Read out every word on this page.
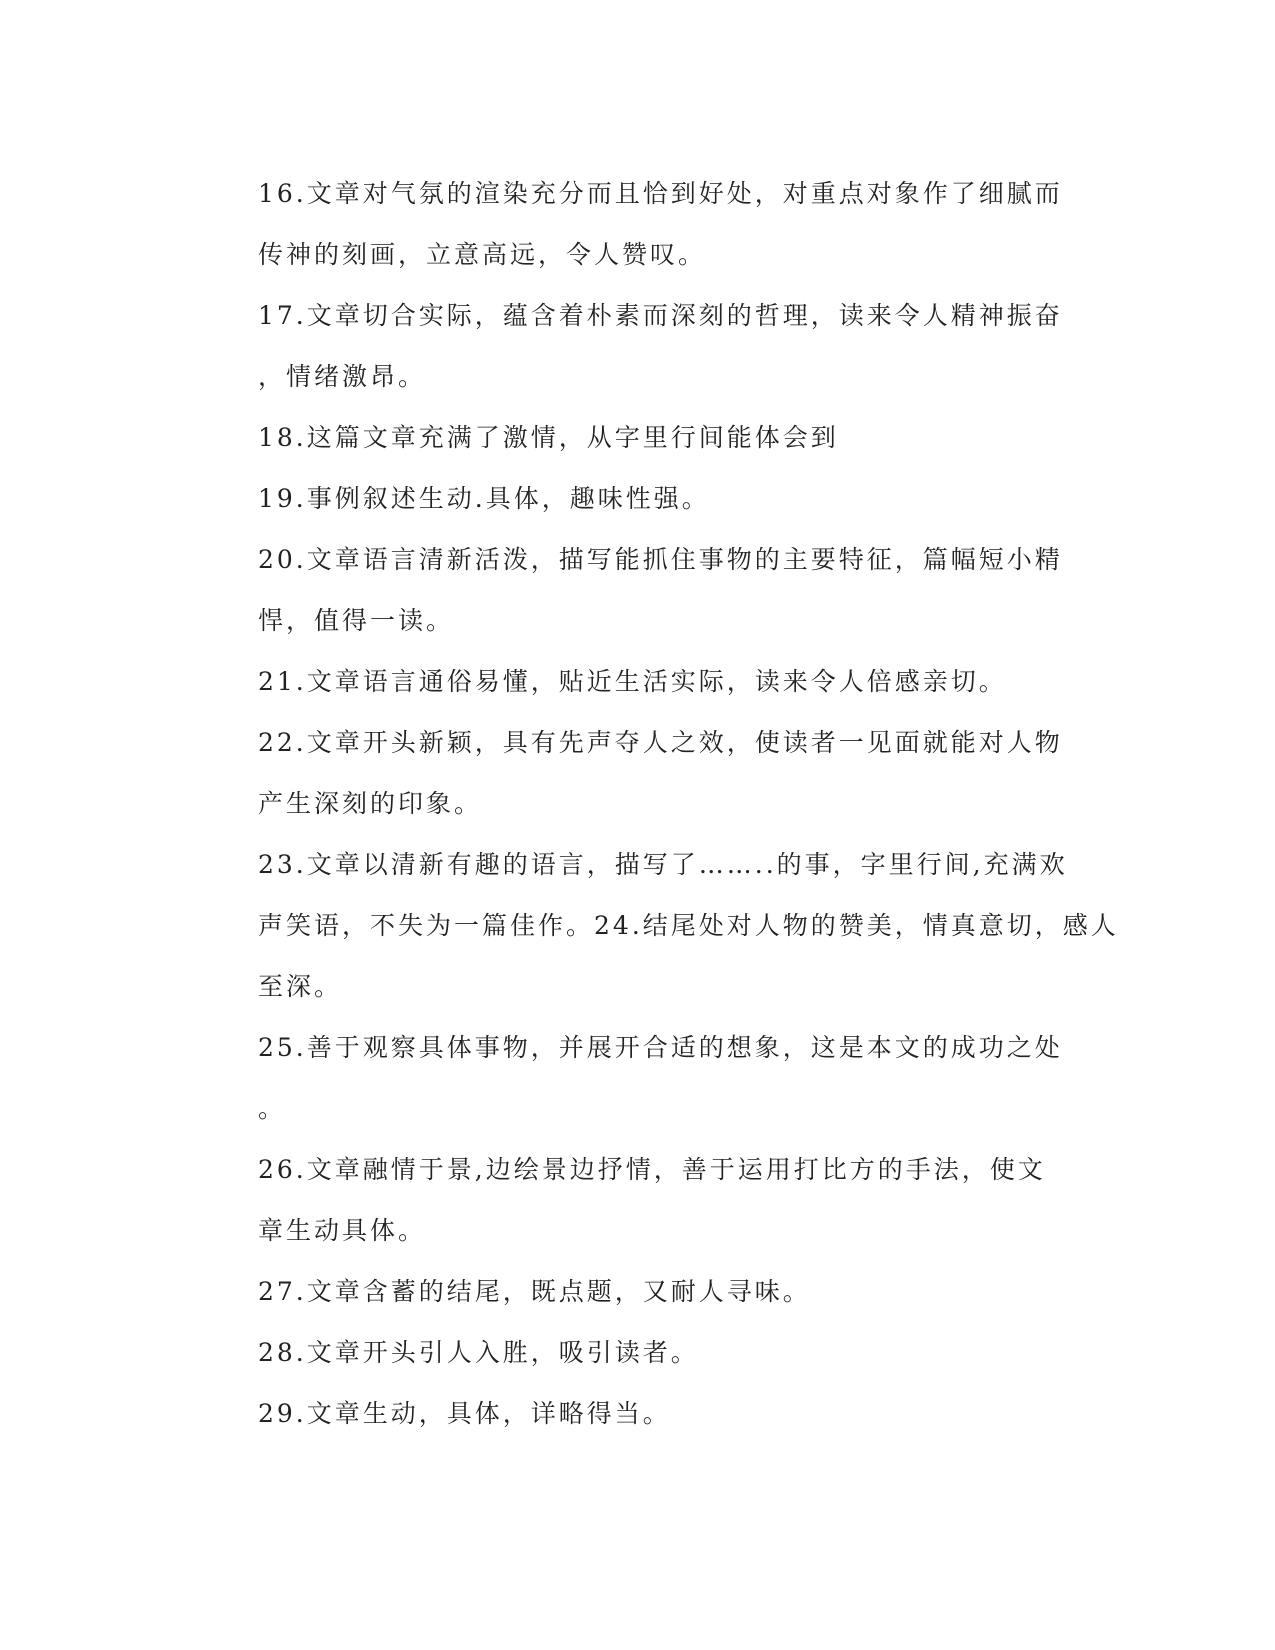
16.文章对气氛的渲染充分而且恰到好处，对重点对象作了细腻而
传神的刻画，立意高远，令人赞叹。

17.文章切合实际，蕴含着朴素而深刻的哲理，读来令人精神振奋
，情绪激昂。

18.这篇文章充满了激情，从字里行间能体会到

19.事例叙述生动.具体，趣味性强。

20.文章语言清新活泼，描写能抓住事物的主要特征，篇幅短小精
悍，值得一读。

21.文章语言通俗易懂，贴近生活实际，读来令人倍感亲切。

22.文章开头新颖，具有先声夺人之效，使读者一见面就能对人物
产生深刻的印象。

23.文章以清新有趣的语言，描写了……..的事，字里行间,充满欢
声笑语，不失为一篇佳作。24.结尾处对人物的赞美，情真意切，感人
至深。

25.善于观察具体事物，并展开合适的想象，这是本文的成功之处
。

26.文章融情于景,边绘景边抒情，善于运用打比方的手法，使文
章生动具体。

27.文章含蓄的结尾，既点题，又耐人寻味。

28.文章开头引人入胜，吸引读者。

29.文章生动，具体，详略得当。
